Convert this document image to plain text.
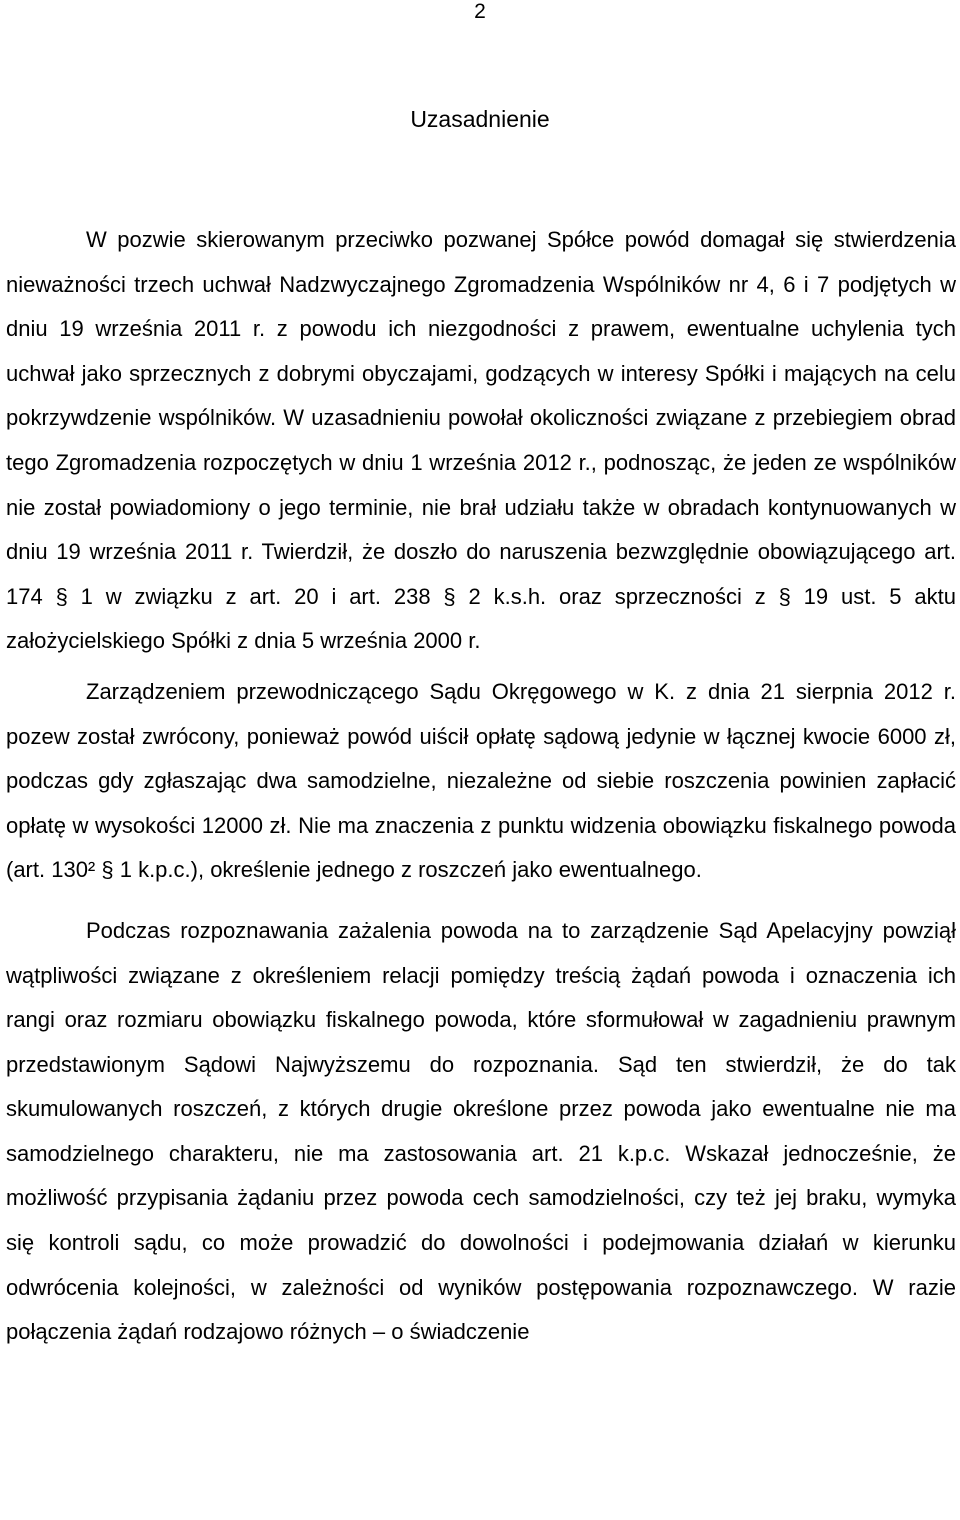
2
Uzasadnienie

W pozwie skierowanym przeciwko pozwanej Spółce powód domagał się stwierdzenia nieważności trzech uchwał Nadzwyczajnego Zgromadzenia Wspólników nr 4, 6 i 7 podjętych w dniu 19 września 2011 r. z powodu ich niezgodności z prawem, ewentualne uchylenia tych uchwał jako sprzecznych z dobrymi obyczajami, godzących w interesy Spółki i mających na celu pokrzywdzenie wspólników. W uzasadnieniu powołał okoliczności związane z przebiegiem obrad tego Zgromadzenia rozpoczętych w dniu 1 września 2012 r., podnosząc, że jeden ze wspólników nie został powiadomiony o jego terminie, nie brał udziału także w obradach kontynuowanych w dniu 19 września 2011 r. Twierdził, że doszło do naruszenia bezwzględnie obowiązującego art. 174 § 1 w związku z art. 20 i art. 238 § 2 k.s.h. oraz sprzeczności z § 19 ust. 5 aktu założycielskiego Spółki z dnia 5 września 2000 r.

Zarządzeniem przewodniczącego Sądu Okręgowego w K. z dnia 21 sierpnia 2012 r. pozew został zwrócony, ponieważ powód uiścił opłatę sądową jedynie w łącznej kwocie 6000 zł, podczas gdy zgłaszając dwa samodzielne, niezależne od siebie roszczenia powinien zapłacić opłatę w wysokości 12000 zł. Nie ma znaczenia z punktu widzenia obowiązku fiskalnego powoda (art. 130² § 1 k.p.c.), określenie jednego z roszczeń jako ewentualnego.

Podczas rozpoznawania zażalenia powoda na to zarządzenie Sąd Apelacyjny powziął wątpliwości związane z określeniem relacji pomiędzy treścią żądań powoda i oznaczenia ich rangi oraz rozmiaru obowiązku fiskalnego powoda, które sformułował w zagadnieniu prawnym przedstawionym Sądowi Najwyższemu do rozpoznania. Sąd ten stwierdził, że do tak skumulowanych roszczeń, z których drugie określone przez powoda jako ewentualne nie ma samodzielnego charakteru, nie ma zastosowania art. 21 k.p.c. Wskazał jednocześnie, że możliwość przypisania żądaniu przez powoda cech samodzielności, czy też jej braku, wymyka się kontroli sądu, co może prowadzić do dowolności i podejmowania działań w kierunku odwrócenia kolejności, w zależności od wyników postępowania rozpoznawczego. W razie połączenia żądań rodzajowo różnych – o świadczenie
